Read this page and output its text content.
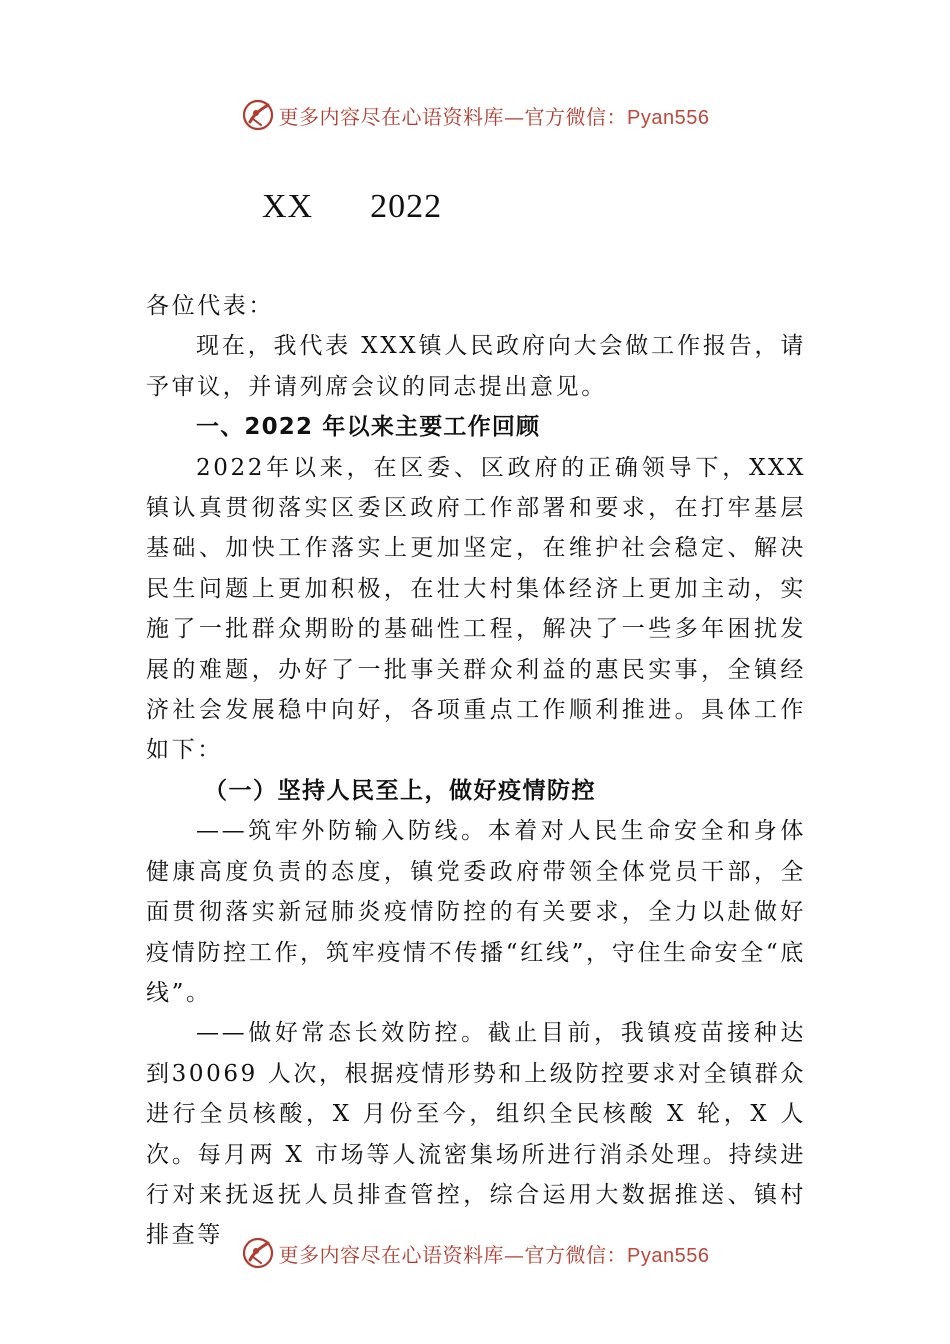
更多内容尽在心语资料库—官方微信：Pyan556
XX      2022

各位代表：

现在，我代表 XXX镇人民政府向大会做工作报告，请予审议，并请列席会议的同志提出意见。

一、2022 年以来主要工作回顾

2022年以来，在区委、区政府的正确领导下，XXX镇认真贯彻落实区委区政府工作部署和要求，在打牢基层基础、加快工作落实上更加坚定，在维护社会稳定、解决民生问题上更加积极，在壮大村集体经济上更加主动，实施了一批群众期盼的基础性工程，解决了一些多年困扰发展的难题，办好了一批事关群众利益的惠民实事，全镇经济社会发展稳中向好，各项重点工作顺利推进。具体工作如下：

（一）坚持人民至上，做好疫情防控

——筑牢外防输入防线。本着对人民生命安全和身体健康高度负责的态度，镇党委政府带领全体党员干部，全面贯彻落实新冠肺炎疫情防控的有关要求，全力以赴做好疫情防控工作，筑牢疫情不传播“红线”，守住生命安全“底线”。

——做好常态长效防控。截止目前，我镇疫苗接种达到30069 人次，根据疫情形势和上级防控要求对全镇群众进行全员核酸，X 月份至今，组织全民核酸 X 轮，X 人次。每月两 X 市场等人流密集场所进行消杀处理。持续进行对来抚返抚人员排查管控，综合运用大数据推送、镇村排查等

更多内容尽在心语资料库—官方微信：Pyan556
